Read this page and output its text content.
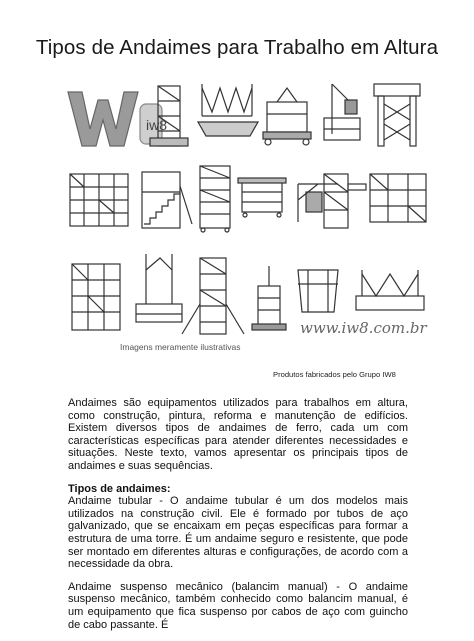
Tipos de Andaimes para Trabalho em Altura
iw8
www.iw8.com.br
Imagens meramente ilustrativas
Produtos fabricados pelo Grupo IW8

Andaimes são equipamentos utilizados para trabalhos em altura, como construção, pintura, reforma e manutenção de edifícios. Existem diversos tipos de andaimes de ferro, cada um com características específicas para atender diferentes necessidades e situações. Neste texto, vamos apresentar os principais tipos de andaimes e suas sequências.

Tipos de andaimes:

Andaime tubular - O andaime tubular é um dos modelos mais utilizados na construção civil. Ele é formado por tubos de aço galvanizado, que se encaixam em peças específicas para formar a estrutura de uma torre. É um andaime seguro e resistente, que pode ser montado em diferentes alturas e configurações, de acordo com a necessidade da obra.

Andaime suspenso mecânico (balancim manual) - O andaime suspenso mecânico, também conhecido como balancim manual, é um equipamento que fica suspenso por cabos de aço com guincho de cabo passante. É
